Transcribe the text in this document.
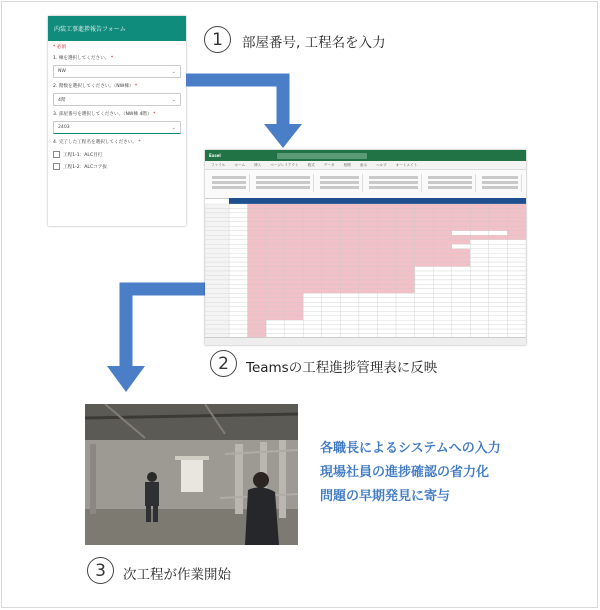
内装工事進捗報告フォーム
* 必須
1. 棟を選択してください。 *
NW	⌄
2. 階数を選択してください。（NW棟） *
4階	⌄
3. 部屋番号を選択してください。（NW棟 4階） *
2403	⌄
4. 完了した工程名を選択してください。 *
工程1-1：ALC目打
工程1-2：ALCコア抜
1	部屋番号, 工程名を入力
Excel
ファイル	ホーム	挿入	ページレイアウト	数式	データ	校閲	表示	ヘルプ	オートメイト
2	Teamsの工程進捗管理表に反映
各職長によるシステムへの入力
現場社員の進捗確認の省力化
問題の早期発見に寄与
3	次工程が作業開始
